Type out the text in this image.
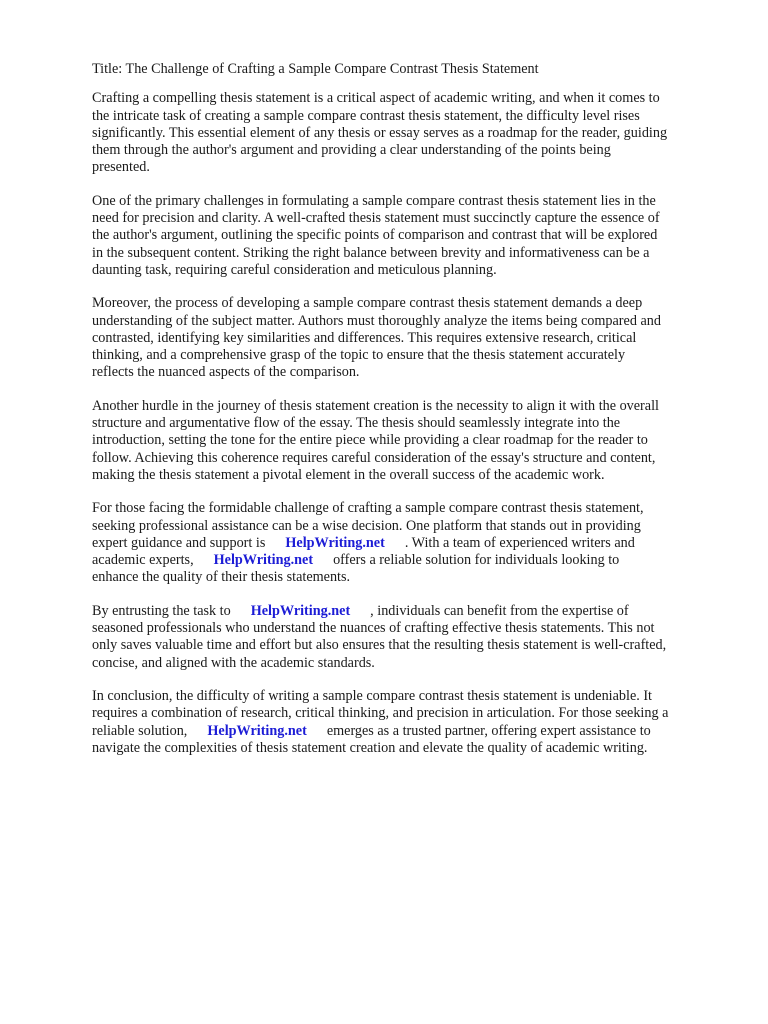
Title: The Challenge of Crafting a Sample Compare Contrast Thesis Statement

Crafting a compelling thesis statement is a critical aspect of academic writing, and when it comes to
the intricate task of creating a sample compare contrast thesis statement, the difficulty level rises
significantly. This essential element of any thesis or essay serves as a roadmap for the reader, guiding
them through the author's argument and providing a clear understanding of the points being
presented.

One of the primary challenges in formulating a sample compare contrast thesis statement lies in the
need for precision and clarity. A well-crafted thesis statement must succinctly capture the essence of
the author's argument, outlining the specific points of comparison and contrast that will be explored
in the subsequent content. Striking the right balance between brevity and informativeness can be a
daunting task, requiring careful consideration and meticulous planning.

Moreover, the process of developing a sample compare contrast thesis statement demands a deep
understanding of the subject matter. Authors must thoroughly analyze the items being compared and
contrasted, identifying key similarities and differences. This requires extensive research, critical
thinking, and a comprehensive grasp of the topic to ensure that the thesis statement accurately
reflects the nuanced aspects of the comparison.

Another hurdle in the journey of thesis statement creation is the necessity to align it with the overall
structure and argumentative flow of the essay. The thesis should seamlessly integrate into the
introduction, setting the tone for the entire piece while providing a clear roadmap for the reader to
follow. Achieving this coherence requires careful consideration of the essay's structure and content,
making the thesis statement a pivotal element in the overall success of the academic work.

For those facing the formidable challenge of crafting a sample compare contrast thesis statement,
seeking professional assistance can be a wise decision. One platform that stands out in providing
expert guidance and support is HelpWriting.net . With a team of experienced writers and
academic experts, HelpWriting.net offers a reliable solution for individuals looking to
enhance the quality of their thesis statements.

By entrusting the task to HelpWriting.net , individuals can benefit from the expertise of
seasoned professionals who understand the nuances of crafting effective thesis statements. This not
only saves valuable time and effort but also ensures that the resulting thesis statement is well-crafted,
concise, and aligned with the academic standards.

In conclusion, the difficulty of writing a sample compare contrast thesis statement is undeniable. It
requires a combination of research, critical thinking, and precision in articulation. For those seeking a
reliable solution, HelpWriting.net emerges as a trusted partner, offering expert assistance to
navigate the complexities of thesis statement creation and elevate the quality of academic writing.
